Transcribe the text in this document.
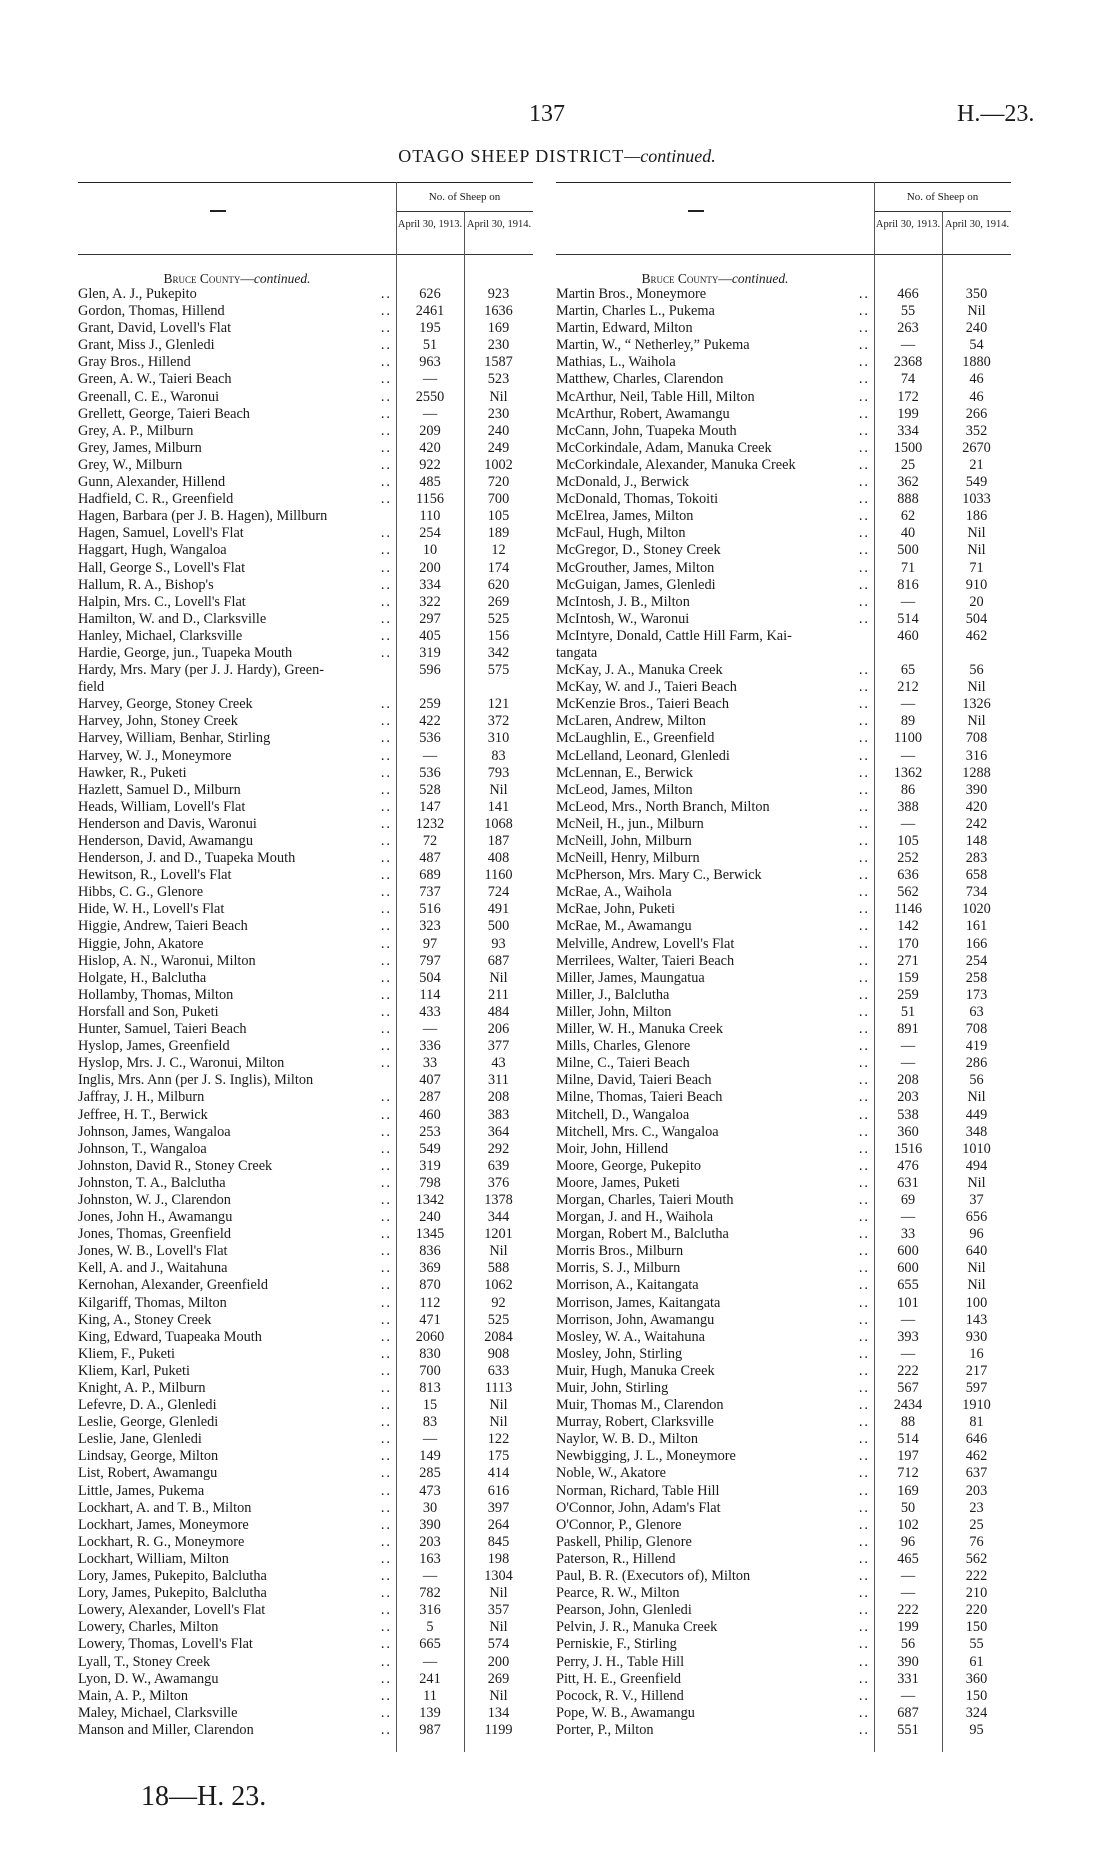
137	H.—23.
OTAGO SHEEP DISTRICT—continued.
No. of Sheep on
April 30, 1913. April 30, 1914.
Bruce County—continued.
Glen, A. J., Pukepito	..	626	923
Gordon, Thomas, Hillend	..	2461	1636
Grant, David, Lovell's Flat	..	195	169
Grant, Miss J., Glenledi	..	51	230
Gray Bros., Hillend	..	963	1587
Green, A. W., Taieri Beach	..	—	523
Greenall, C. E., Waronui	..	2550	Nil
Grellett, George, Taieri Beach	..	—	230
Grey, A. P., Milburn	..	209	240
Grey, James, Milburn	..	420	249
Grey, W., Milburn	..	922	1002
Gunn, Alexander, Hillend	..	485	720
Hadfield, C. R., Greenfield	..	1156	700
Hagen, Barbara (per J. B. Hagen), Millburn	110	105
Hagen, Samuel, Lovell's Flat	..	254	189
Haggart, Hugh, Wangaloa	..	10	12
Hall, George S., Lovell's Flat	..	200	174
Hallum, R. A., Bishop's	..	334	620
Halpin, Mrs. C., Lovell's Flat	..	322	269
Hamilton, W. and D., Clarksville	..	297	525
Hanley, Michael, Clarksville	..	405	156
Hardie, George, jun., Tuapeka Mouth	..	319	342
Hardy, Mrs. Mary (per J. J. Hardy), Green-	596	575
field
Harvey, George, Stoney Creek	..	259	121
Harvey, John, Stoney Creek	..	422	372
Harvey, William, Benhar, Stirling	..	536	310
Harvey, W. J., Moneymore	..	—	83
Hawker, R., Puketi	..	536	793
Hazlett, Samuel D., Milburn	..	528	Nil
Heads, William, Lovell's Flat	..	147	141
Henderson and Davis, Waronui	..	1232	1068
Henderson, David, Awamangu	..	72	187
Henderson, J. and D., Tuapeka Mouth	..	487	408
Hewitson, R., Lovell's Flat	..	689	1160
Hibbs, C. G., Glenore	..	737	724
Hide, W. H., Lovell's Flat	..	516	491
Higgie, Andrew, Taieri Beach	..	323	500
Higgie, John, Akatore	..	97	93
Hislop, A. N., Waronui, Milton	..	797	687
Holgate, H., Balclutha	..	504	Nil
Hollamby, Thomas, Milton	..	114	211
Horsfall and Son, Puketi	..	433	484
Hunter, Samuel, Taieri Beach	..	—	206
Hyslop, James, Greenfield	..	336	377
Hyslop, Mrs. J. C., Waronui, Milton	..	33	43
Inglis, Mrs. Ann (per J. S. Inglis), Milton	407	311
Jaffray, J. H., Milburn	..	287	208
Jeffree, H. T., Berwick	..	460	383
Johnson, James, Wangaloa	..	253	364
Johnson, T., Wangaloa	..	549	292
Johnston, David R., Stoney Creek	..	319	639
Johnston, T. A., Balclutha	..	798	376
Johnston, W. J., Clarendon	..	1342	1378
Jones, John H., Awamangu	..	240	344
Jones, Thomas, Greenfield	..	1345	1201
Jones, W. B., Lovell's Flat	..	836	Nil
Kell, A. and J., Waitahuna	..	369	588
Kernohan, Alexander, Greenfield	..	870	1062
Kilgariff, Thomas, Milton	..	112	92
King, A., Stoney Creek	..	471	525
King, Edward, Tuapeaka Mouth	..	2060	2084
Kliem, F., Puketi	..	830	908
Kliem, Karl, Puketi	..	700	633
Knight, A. P., Milburn	..	813	1113
Lefevre, D. A., Glenledi	..	15	Nil
Leslie, George, Glenledi	..	83	Nil
Leslie, Jane, Glenledi	..	—	122
Lindsay, George, Milton	..	149	175
List, Robert, Awamangu	..	285	414
Little, James, Pukema	..	473	616
Lockhart, A. and T. B., Milton	..	30	397
Lockhart, James, Moneymore	..	390	264
Lockhart, R. G., Moneymore	..	203	845
Lockhart, William, Milton	..	163	198
Lory, James, Pukepito, Balclutha	..	—	1304
Lory, James, Pukepito, Balclutha	..	782	Nil
Lowery, Alexander, Lovell's Flat	..	316	357
Lowery, Charles, Milton	..	5	Nil
Lowery, Thomas, Lovell's Flat	..	665	574
Lyall, T., Stoney Creek	..	—	200
Lyon, D. W., Awamangu	..	241	269
Main, A. P., Milton	..	11	Nil
Maley, Michael, Clarksville	..	139	134
Manson and Miller, Clarendon	..	987	1199
No. of Sheep on
April 30, 1913. April 30, 1914.
Bruce County—continued.
Martin Bros., Moneymore	..	466	350
Martin, Charles L., Pukema	..	55	Nil
Martin, Edward, Milton	..	263	240
Martin, W., “ Netherley,” Pukema	..	—	54
Mathias, L., Waihola	..	2368	1880
Matthew, Charles, Clarendon	..	74	46
McArthur, Neil, Table Hill, Milton	..	172	46
McArthur, Robert, Awamangu	..	199	266
McCann, John, Tuapeka Mouth	..	334	352
McCorkindale, Adam, Manuka Creek	..	1500	2670
McCorkindale, Alexander, Manuka Creek	..	25	21
McDonald, J., Berwick	..	362	549
McDonald, Thomas, Tokoiti	..	888	1033
McElrea, James, Milton	..	62	186
McFaul, Hugh, Milton	..	40	Nil
McGregor, D., Stoney Creek	..	500	Nil
McGrouther, James, Milton	..	71	71
McGuigan, James, Glenledi	..	816	910
McIntosh, J. B., Milton	..	—	20
McIntosh, W., Waronui	..	514	504
McIntyre, Donald, Cattle Hill Farm, Kai-	460	462
tangata
McKay, J. A., Manuka Creek	..	65	56
McKay, W. and J., Taieri Beach	..	212	Nil
McKenzie Bros., Taieri Beach	..	—	1326
McLaren, Andrew, Milton	..	89	Nil
McLaughlin, E., Greenfield	..	1100	708
McLelland, Leonard, Glenledi	..	—	316
McLennan, E., Berwick	..	1362	1288
McLeod, James, Milton	..	86	390
McLeod, Mrs., North Branch, Milton	..	388	420
McNeil, H., jun., Milburn	..	—	242
McNeill, John, Milburn	..	105	148
McNeill, Henry, Milburn	..	252	283
McPherson, Mrs. Mary C., Berwick	..	636	658
McRae, A., Waihola	..	562	734
McRae, John, Puketi	..	1146	1020
McRae, M., Awamangu	..	142	161
Melville, Andrew, Lovell's Flat	..	170	166
Merrilees, Walter, Taieri Beach	..	271	254
Miller, James, Maungatua	..	159	258
Miller, J., Balclutha	..	259	173
Miller, John, Milton	..	51	63
Miller, W. H., Manuka Creek	..	891	708
Mills, Charles, Glenore	..	—	419
Milne, C., Taieri Beach	..	—	286
Milne, David, Taieri Beach	..	208	56
Milne, Thomas, Taieri Beach	..	203	Nil
Mitchell, D., Wangaloa	..	538	449
Mitchell, Mrs. C., Wangaloa	..	360	348
Moir, John, Hillend	..	1516	1010
Moore, George, Pukepito	..	476	494
Moore, James, Puketi	..	631	Nil
Morgan, Charles, Taieri Mouth	..	69	37
Morgan, J. and H., Waihola	..	—	656
Morgan, Robert M., Balclutha	..	33	96
Morris Bros., Milburn	..	600	640
Morris, S. J., Milburn	..	600	Nil
Morrison, A., Kaitangata	..	655	Nil
Morrison, James, Kaitangata	..	101	100
Morrison, John, Awamangu	..	—	143
Mosley, W. A., Waitahuna	..	393	930
Mosley, John, Stirling	..	—	16
Muir, Hugh, Manuka Creek	..	222	217
Muir, John, Stirling	..	567	597
Muir, Thomas M., Clarendon	..	2434	1910
Murray, Robert, Clarksville	..	88	81
Naylor, W. B. D., Milton	..	514	646
Newbigging, J. L., Moneymore	..	197	462
Noble, W., Akatore	..	712	637
Norman, Richard, Table Hill	..	169	203
O'Connor, John, Adam's Flat	..	50	23
O'Connor, P., Glenore	..	102	25
Paskell, Philip, Glenore	..	96	76
Paterson, R., Hillend	..	465	562
Paul, B. R. (Executors of), Milton	..	—	222
Pearce, R. W., Milton	..	—	210
Pearson, John, Glenledi	..	222	220
Pelvin, J. R., Manuka Creek	..	199	150
Perniskie, F., Stirling	..	56	55
Perry, J. H., Table Hill	..	390	61
Pitt, H. E., Greenfield	..	331	360
Pocock, R. V., Hillend	..	—	150
Pope, W. B., Awamangu	..	687	324
Porter, P., Milton	..	551	95
18—H. 23.
